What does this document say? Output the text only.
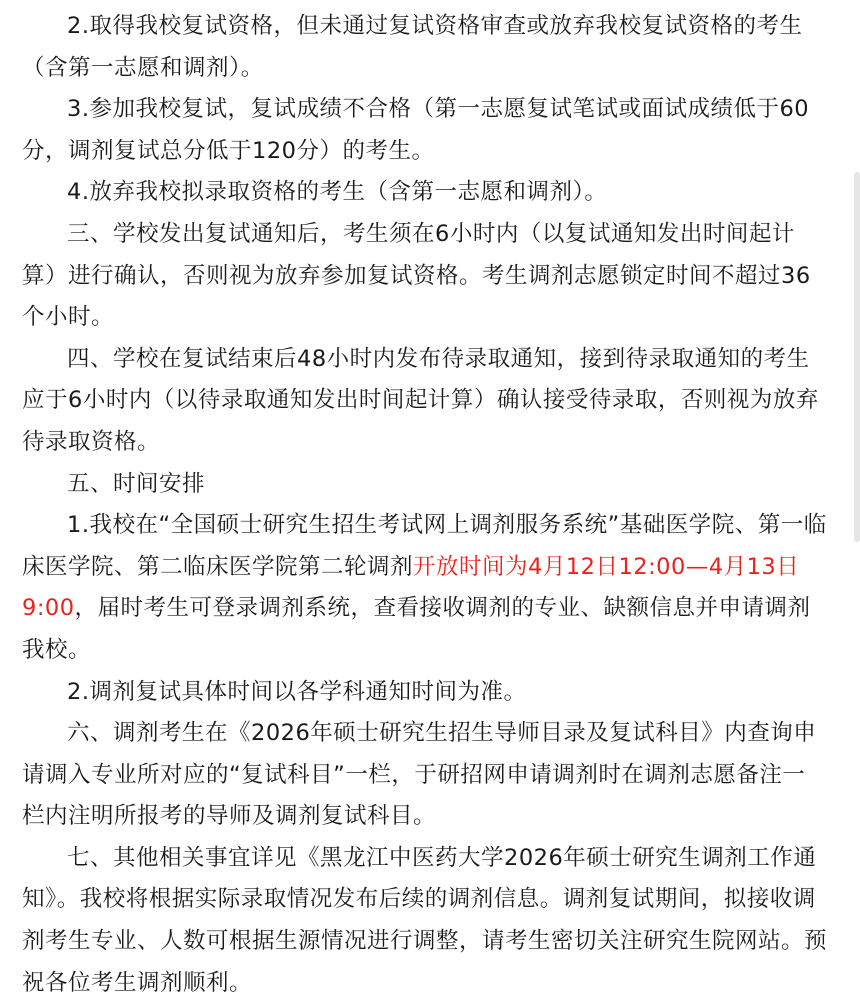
2.取得我校复试资格，但未通过复试资格审查或放弃我校复试资格的考生（含第一志愿和调剂）。

3.参加我校复试，复试成绩不合格（第一志愿复试笔试或面试成绩低于60分，调剂复试总分低于120分）的考生。

4.放弃我校拟录取资格的考生（含第一志愿和调剂）。

三、学校发出复试通知后，考生须在6小时内（以复试通知发出时间起计算）进行确认，否则视为放弃参加复试资格。考生调剂志愿锁定时间不超过36个小时。

四、学校在复试结束后48小时内发布待录取通知，接到待录取通知的考生应于6小时内（以待录取通知发出时间起计算）确认接受待录取，否则视为放弃待录取资格。

五、时间安排

1.我校在“全国硕士研究生招生考试网上调剂服务系统”基础医学院、第一临床医学院、第二临床医学院第二轮调剂开放时间为4月12日12:00—4月13日9:00，届时考生可登录调剂系统，查看接收调剂的专业、缺额信息并申请调剂我校。

2.调剂复试具体时间以各学科通知时间为准。

六、调剂考生在《2026年硕士研究生招生导师目录及复试科目》内查询申请调入专业所对应的“复试科目”一栏，于研招网申请调剂时在调剂志愿备注一栏内注明所报考的导师及调剂复试科目。

七、其他相关事宜详见《黑龙江中医药大学2026年硕士研究生调剂工作通知》。我校将根据实际录取情况发布后续的调剂信息。调剂复试期间，拟接收调剂考生专业、人数可根据生源情况进行调整，请考生密切关注研究生院网站。预祝各位考生调剂顺利。
